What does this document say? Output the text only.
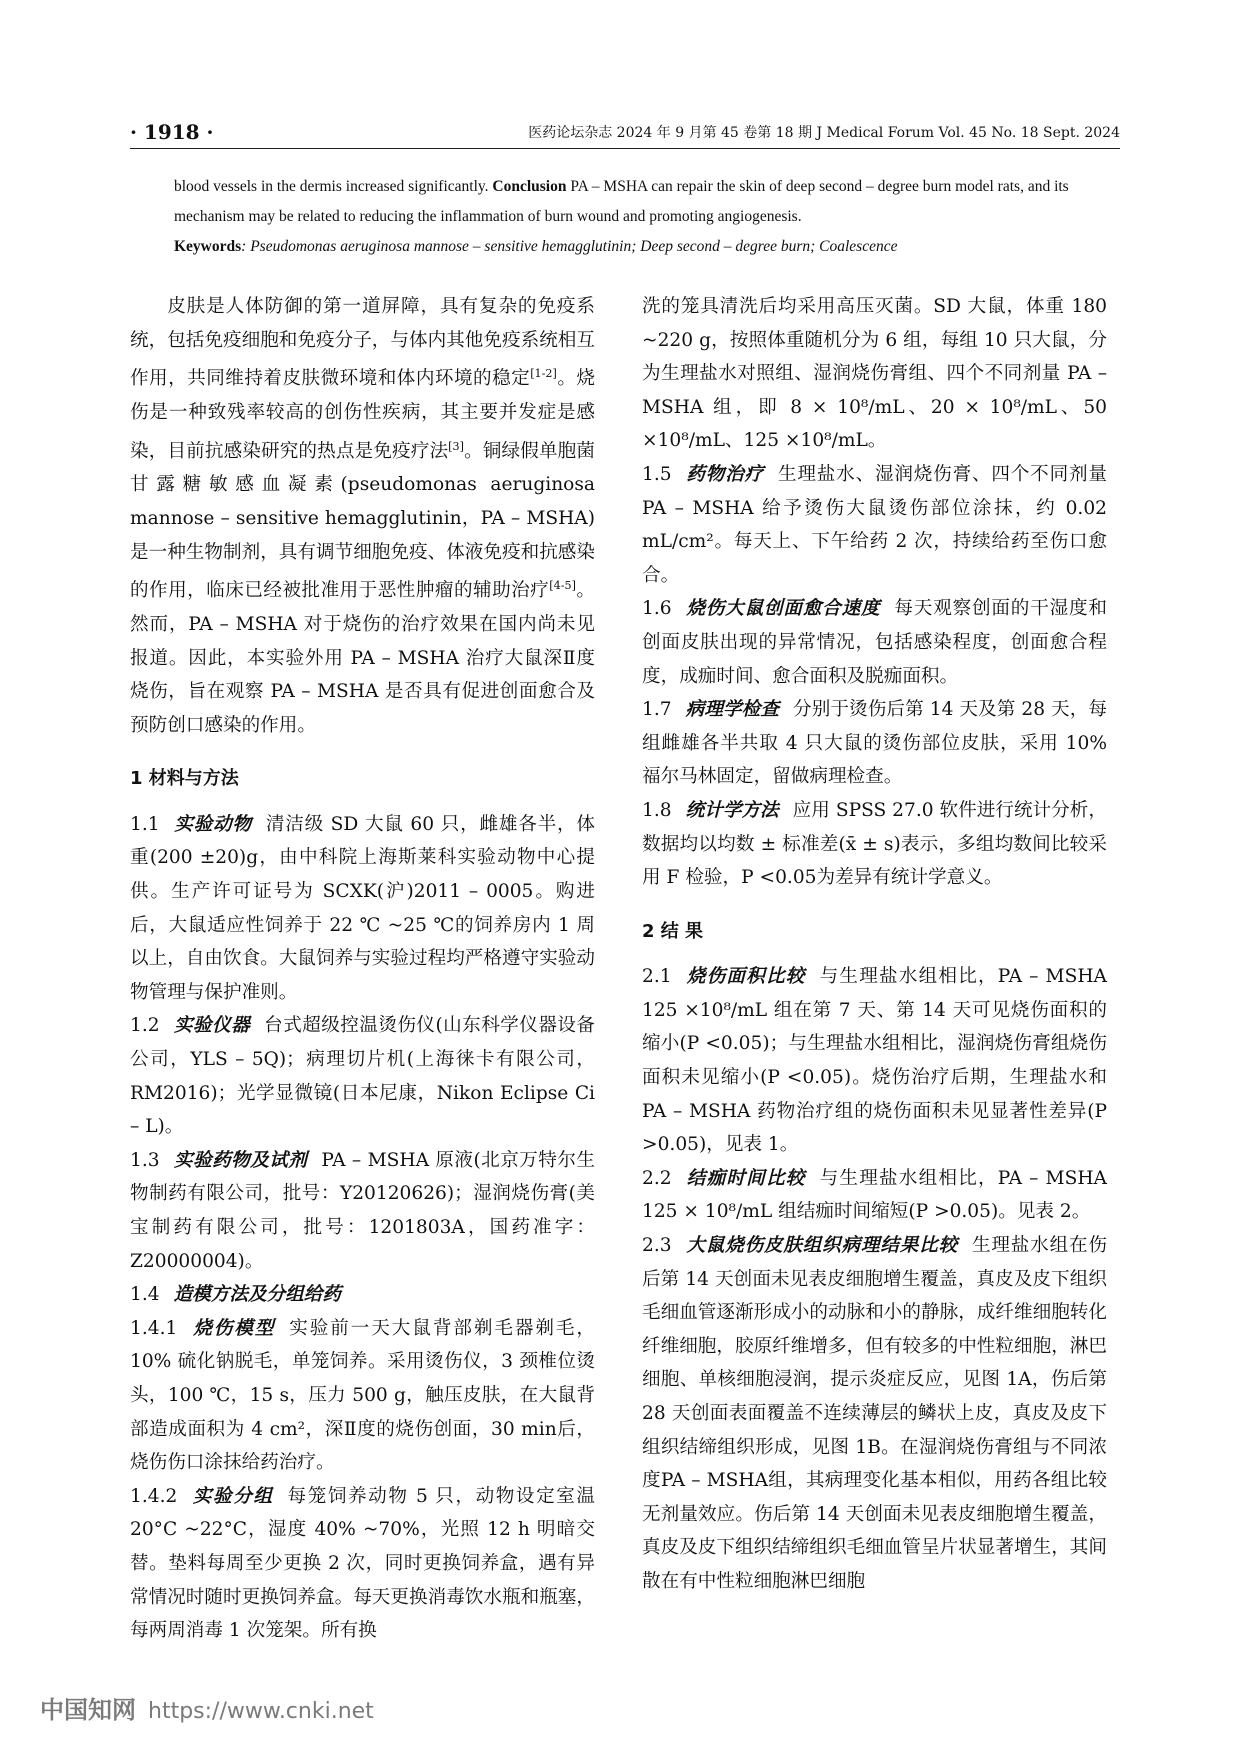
· 1918 ·	医药论坛杂志 2024 年 9 月第 45 卷第 18 期 J Medical Forum Vol. 45 No. 18 Sept. 2024
blood vessels in the dermis increased significantly. Conclusion PA – MSHA can repair the skin of deep second – degree burn model rats, and its mechanism may be related to reducing the inflammation of burn wound and promoting angiogenesis.
Keywords: Pseudomonas aeruginosa mannose – sensitive hemagglutinin; Deep second – degree burn; Coalescence

皮肤是人体防御的第一道屏障，具有复杂的免疫系统，包括免疫细胞和免疫分子，与体内其他免疫系统相互作用，共同维持着皮肤微环境和体内环境的稳定[1-2]。烧伤是一种致残率较高的创伤性疾病，其主要并发症是感染，目前抗感染研究的热点是免疫疗法[3]。铜绿假单胞菌甘露糖敏感血凝素(pseudomonas aeruginosa mannose – sensitive hemagglutinin，PA – MSHA)是一种生物制剂，具有调节细胞免疫、体液免疫和抗感染的作用，临床已经被批准用于恶性肿瘤的辅助治疗[4-5]。然而，PA – MSHA 对于烧伤的治疗效果在国内尚未见报道。因此，本实验外用 PA – MSHA 治疗大鼠深Ⅱ度烧伤，旨在观察 PA – MSHA 是否具有促进创面愈合及预防创口感染的作用。

1 材料与方法

1.1 实验动物 清洁级 SD 大鼠 60 只，雌雄各半，体重(200 ±20)g，由中科院上海斯莱科实验动物中心提供。生产许可证号为 SCXK(沪)2011 – 0005。购进后，大鼠适应性饲养于 22 ℃ ~25 ℃的饲养房内 1 周以上，自由饮食。大鼠饲养与实验过程均严格遵守实验动物管理与保护准则。

1.2 实验仪器 台式超级控温烫伤仪(山东科学仪器设备公司，YLS – 5Q)；病理切片机(上海徕卡有限公司，RM2016)；光学显微镜(日本尼康，Nikon Eclipse Ci – L)。

1.3 实验药物及试剂 PA – MSHA 原液(北京万特尔生物制药有限公司，批号：Y20120626)；湿润烧伤膏(美宝制药有限公司，批号：1201803A，国药准字：Z20000004)。

1.4 造模方法及分组给药

1.4.1 烧伤模型 实验前一天大鼠背部剃毛器剃毛，10% 硫化钠脱毛，单笼饲养。采用烫伤仪，3 颈椎位烫头，100 ℃，15 s，压力 500 g，触压皮肤，在大鼠背部造成面积为 4 cm²，深Ⅱ度的烧伤创面，30 min后，烧伤伤口涂抹给药治疗。

1.4.2 实验分组 每笼饲养动物 5 只，动物设定室温 20°C ~22°C，湿度 40% ~70%，光照 12 h 明暗交替。垫料每周至少更换 2 次，同时更换饲养盒，遇有异常情况时随时更换饲养盒。每天更换消毒饮水瓶和瓶塞，每两周消毒 1 次笼架。所有换

洗的笼具清洗后均采用高压灭菌。SD 大鼠，体重 180 ~220 g，按照体重随机分为 6 组，每组 10 只大鼠，分为生理盐水对照组、湿润烧伤膏组、四个不同剂量 PA – MSHA 组，即 8 × 10⁸/mL、20 × 10⁸/mL、50 ×10⁸/mL、125 ×10⁸/mL。

1.5 药物治疗 生理盐水、湿润烧伤膏、四个不同剂量 PA – MSHA 给予烫伤大鼠烫伤部位涂抹，约 0.02 mL/cm²。每天上、下午给药 2 次，持续给药至伤口愈合。

1.6 烧伤大鼠创面愈合速度 每天观察创面的干湿度和创面皮肤出现的异常情况，包括感染程度，创面愈合程度，成痂时间、愈合面积及脱痂面积。

1.7 病理学检查 分别于烫伤后第 14 天及第 28 天，每组雌雄各半共取 4 只大鼠的烫伤部位皮肤，采用 10% 福尔马林固定，留做病理检查。

1.8 统计学方法 应用 SPSS 27.0 软件进行统计分析，数据均以均数 ± 标准差(x̄ ± s)表示，多组均数间比较采用 F 检验，P <0.05为差异有统计学意义。

2 结 果

2.1 烧伤面积比较 与生理盐水组相比，PA – MSHA 125 ×10⁸/mL 组在第 7 天、第 14 天可见烧伤面积的缩小(P <0.05)；与生理盐水组相比，湿润烧伤膏组烧伤面积未见缩小(P <0.05)。烧伤治疗后期，生理盐水和 PA – MSHA 药物治疗组的烧伤面积未见显著性差异(P >0.05)，见表 1。

2.2 结痂时间比较 与生理盐水组相比，PA – MSHA 125 × 10⁸/mL 组结痂时间缩短(P >0.05)。见表 2。

2.3 大鼠烧伤皮肤组织病理结果比较 生理盐水组在伤后第 14 天创面未见表皮细胞增生覆盖，真皮及皮下组织毛细血管逐渐形成小的动脉和小的静脉，成纤维细胞转化纤维细胞，胶原纤维增多，但有较多的中性粒细胞，淋巴细胞、单核细胞浸润，提示炎症反应，见图 1A，伤后第 28 天创面表面覆盖不连续薄层的鳞状上皮，真皮及皮下组织结缔组织形成，见图 1B。在湿润烧伤膏组与不同浓度PA – MSHA组，其病理变化基本相似，用药各组比较无剂量效应。伤后第 14 天创面未见表皮细胞增生覆盖，真皮及皮下组织结缔组织毛细血管呈片状显著增生，其间散在有中性粒细胞淋巴细胞

中国知网 https://www.cnki.net
